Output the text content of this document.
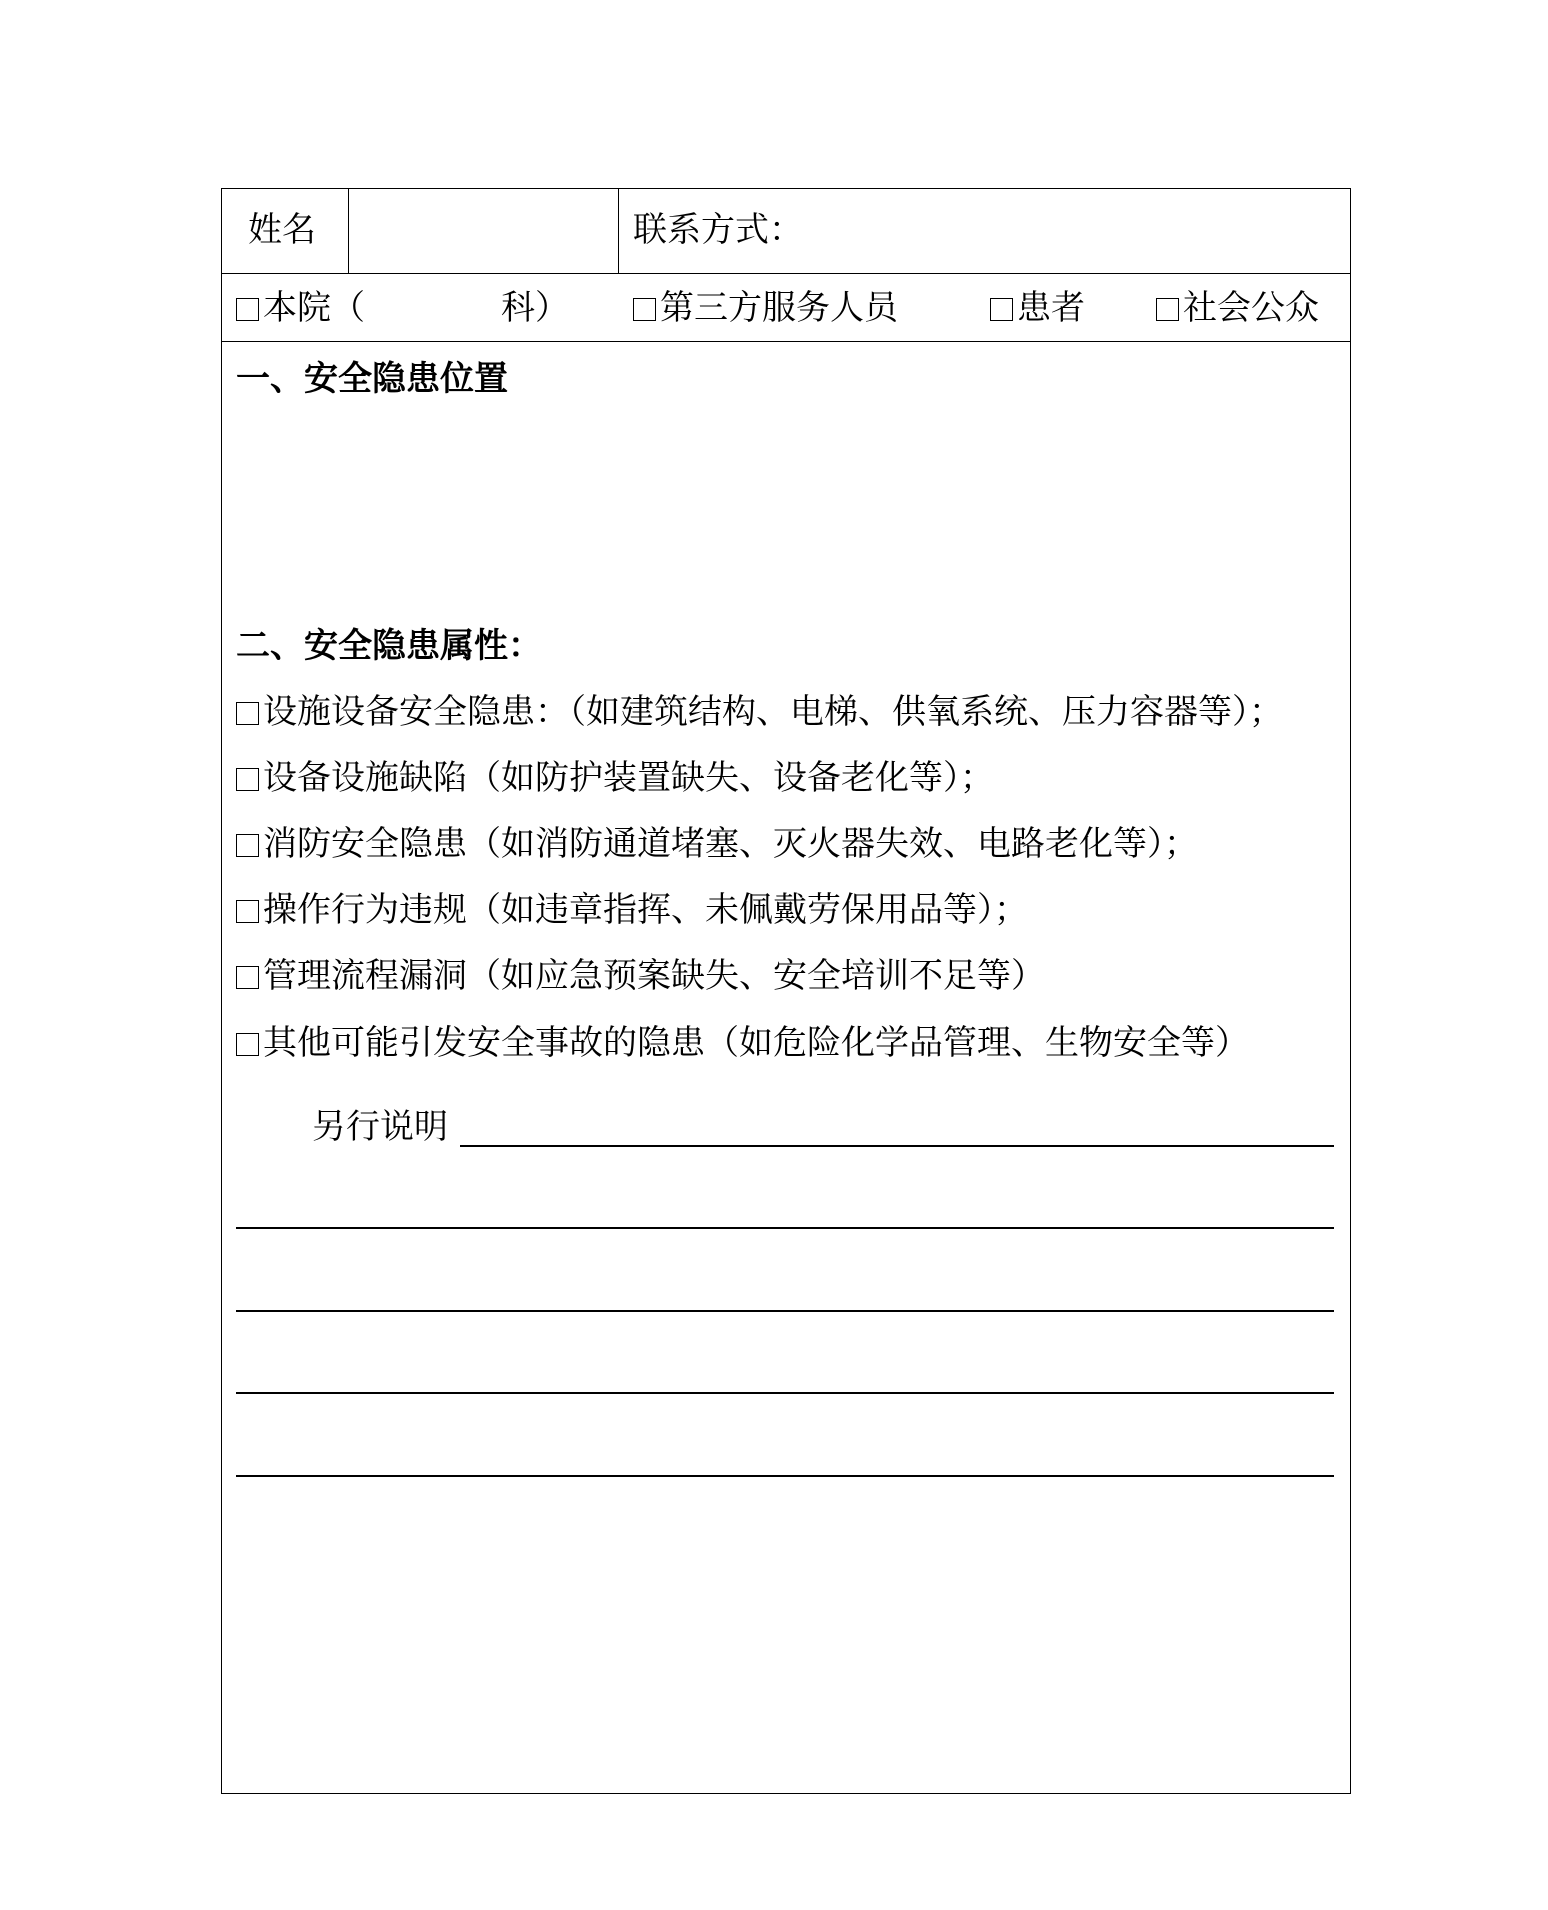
姓名	联系方式：
本院（	科）	第三方服务人员	患者	社会公众
一、安全隐患位置
二、安全隐患属性：
设施设备安全隐患：（如建筑结构、电梯、供氧系统、压力容器等）；
设备设施缺陷（如防护装置缺失、设备老化等）；
消防安全隐患（如消防通道堵塞、灭火器失效、电路老化等）；
操作行为违规（如违章指挥、未佩戴劳保用品等）；
管理流程漏洞（如应急预案缺失、安全培训不足等）
其他可能引发安全事故的隐患（如危险化学品管理、生物安全等）
另行说明
